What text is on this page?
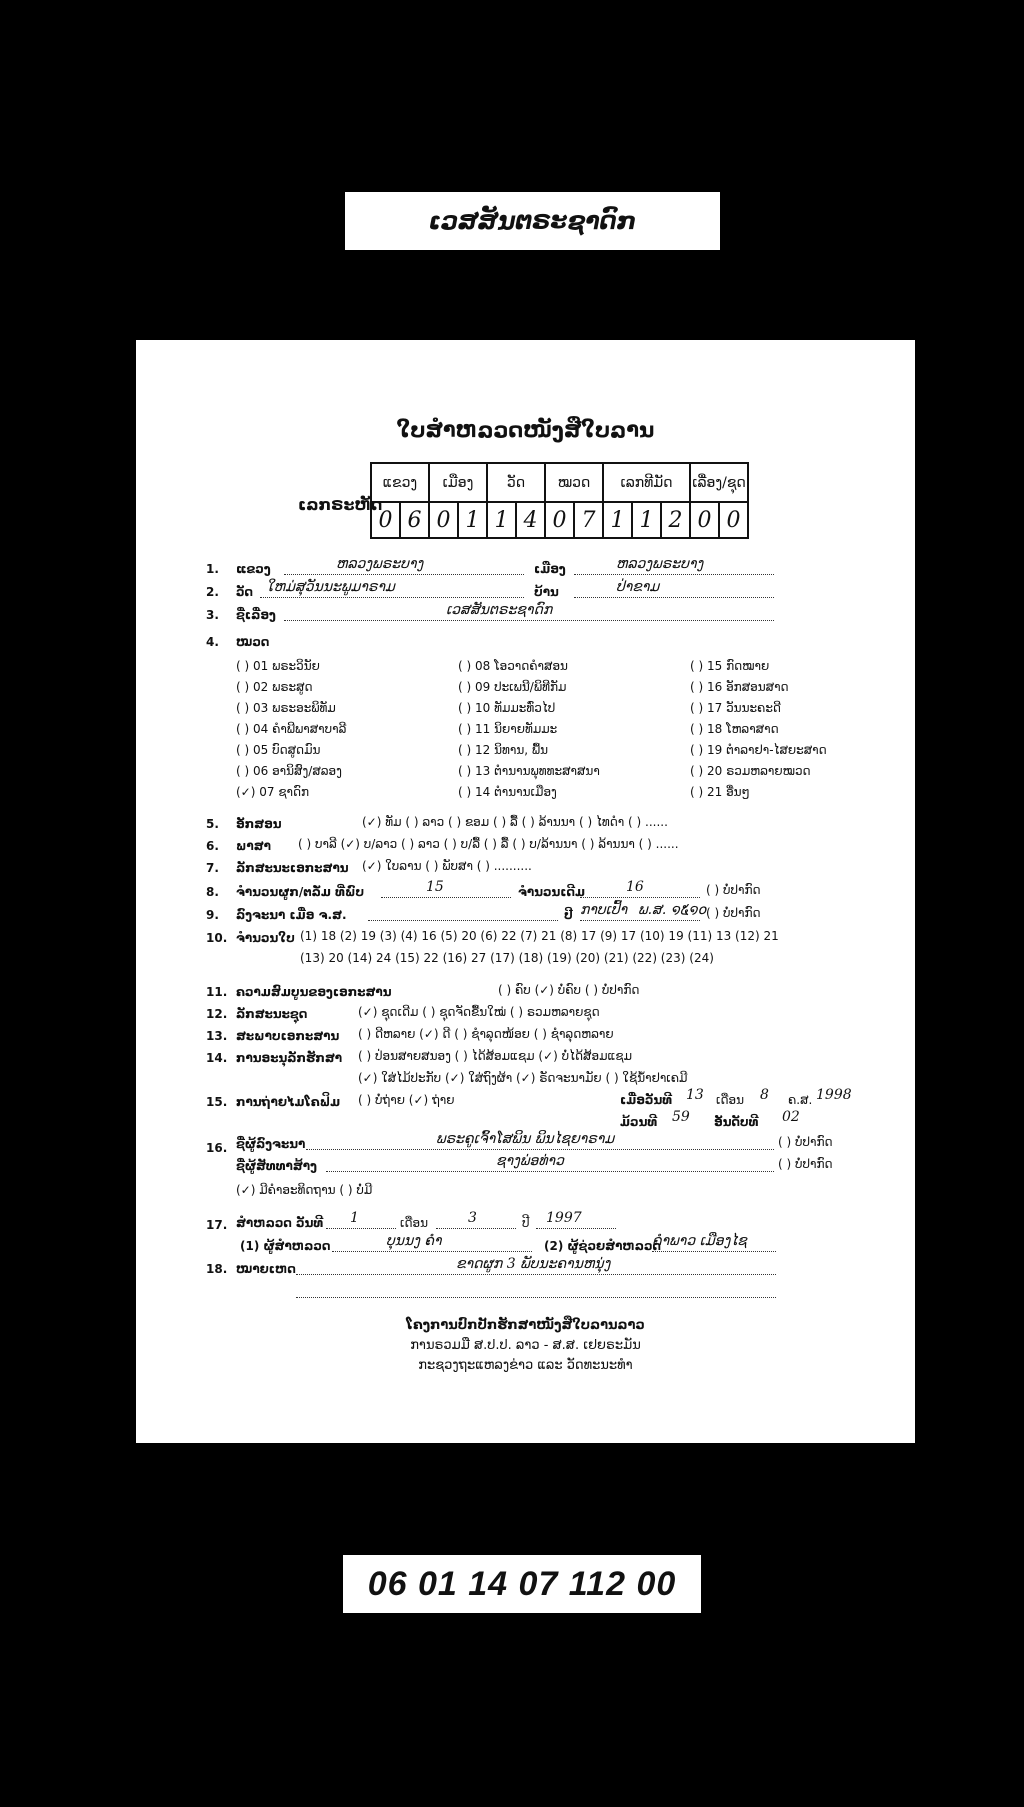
ເວສສັນຕຣະຊາດົກ
ໃບສຳຫລວດໜັງສືໃບລານ
ເລກຣະຫັດ
ແຂວງ		ເມືອງ		ວັດ		ໝວດ		ເລກທີມັດ			ເລື່ອງ/ຊຸດ	
0	6	0	1	1	4	0	7	1	1	2	0	0
1. ແຂວງ	ຫລວງພຣະບາງ	ເມືອງ	ຫລວງພຣະບາງ
2. ວັດ ໃຫມ່ສຸວັນນະພູມາຣາມ	ບ້ານ	ປ່າຂາມ
3. ຊື່ເລື່ອງ	ເວສສັນຕຣະຊາດົກ
4. ໝວດ
( ) 01 ພຣະວິນັຍ
( ) 02 ພຣະສູດ
( ) 03 ພຣະອະພິທັມ
( ) 04 ຄຳພີພາສາບາລີ
( ) 05 ບົດສູດມົນ
( ) 06 ອານິສົງ/ສລອງ
(✓) 07 ຊາດົກ
( ) 08 ໂອວາດຄຳສອນ
( ) 09 ປະເພນີ/ພິທີກັມ
( ) 10 ທັມມະທົ່ວໄປ
( ) 11 ນິຍາຍທັມມະ
( ) 12 ນິທານ, ພື້ນ
( ) 13 ຕຳນານພຸທທະສາສນາ
( ) 14 ຕຳນານເມືອງ
( ) 15 ກົດໝາຍ
( ) 16 ອັກສອນສາດ
( ) 17 ວັນນະຄະດີ
( ) 18 ໂຫລາສາດ
( ) 19 ຕຳລາຢາ-ໄສຍະສາດ
( ) 20 ຣວມຫລາຍໝວດ
( ) 21 ອື່ນໆ
5. ອັກສອນ	(✓) ທັມ ( ) ລາວ ( ) ຂອມ ( ) ລື້ ( ) ລ້ານນາ ( ) ໄທດຳ ( ) ......
6. ພາສາ ( ) ບາລີ (✓) ບ/ລາວ ( ) ລາວ ( ) ບ/ລື້ ( ) ລື້ ( ) ບ/ລ້ານນາ ( ) ລ້ານນາ ( ) ......
7. ລັກສະນະເອກະສານ (✓) ໃບລານ ( ) ພັບສາ ( ) ..........
8. ຈຳນວນຜູກ/ຕລັ່ມ ທີ່ພົບ	15	ຈຳນວນເດີມ	16	( ) ບໍ່ປາກົດ
9. ລົງຈະນາ ເມື່ອ ຈ.ສ.	ປີ ກາບເປົ້າ ພ.ສ. ໑໕໑໐ ( ) ບໍ່ປາກົດ
10. ຈຳນວນໃບ (1) 18 (2) 19 (3) (4) 16 (5) 20 (6) 22 (7) 21 (8) 17 (9) 17 (10) 19 (11) 13 (12) 21
(13) 20 (14) 24 (15) 22 (16) 27 (17) (18) (19) (20) (21) (22) (23) (24)
11. ຄວາມສົມບູນຂອງເອກະສານ	( ) ຄົບ (✓) ບໍ່ຄົບ ( ) ບໍ່ປາກົດ
12. ລັກສະນະຊຸດ	(✓) ຊຸດເດີມ ( ) ຊຸດຈັດຂື້ນໃໝ່ ( ) ຣວມຫລາຍຊຸດ
13. ສະພາບເອກະສານ ( ) ດີຫລາຍ (✓) ດີ ( ) ຊຳລຸດໜ້ອຍ ( ) ຊຳລຸດຫລາຍ
14. ການອະນຸລັກຮັກສາ ( ) ປ່ອນສາຍສນອງ ( ) ໄດ້ສ້ອມແຊມ (✓) ບໍ່ໄດ້ສ້ອມແຊມ
(✓) ໃສ່ໄມ້ປະກັບ (✓) ໃສ່ຖົງຜ້າ (✓) ຣັດຈະນາມັຍ ( ) ໃຊ້ນ້ຳຢາເຄມີ
15. ການຖ່າຍໄມໂຄຟິມ ( ) ບໍ່ຖ່າຍ (✓) ຖ່າຍ	ເມື່ອວັນທີ 13 ເດືອນ 8 ຄ.ສ. 1998
ມ້ວນທີ 59 ອັນດັບທີ 02
16. ຊື່ຜູ້ລົງຈະນາ	ພຣະຄູເຈົ້າໂສພິນ ພິນໄຊຍາຣາມ	( ) ບໍ່ປາກົດ
ຊື່ຜູ້ສັທທາສ້າງ	ຊາງພ່ອທ່າວ	( ) ບໍ່ປາກົດ
(✓) ມີຄຳອະທິດຖານ ( ) ບໍ່ມີ
17. ສຳຫລວດ ວັນທີ 1	ເດືອນ	3	ປີ 1997
(1) ຜູ້ສຳຫລວດ	ບຸນນງ ຄໍາ	(2) ຜູ້ຊ່ວຍສຳຫລວດ
ຄຳພາວ ເມືອງໄຊ
18. ໝາຍເຫດ	ຂາດຜູກ 3 ພັບນະຄານຫນຸ່ງ
ໂຄງການປົກປັກຮັກສາໜັງສືໃບລານລາວ
ການຣວມມື ສ.ປ.ປ. ລາວ - ສ.ສ. ເຢຍຣະມັນ
ກະຊວງຖະແຫລງຂ່າວ ແລະ ວັດທະນະທຳ
06 01 14 07 112 00
